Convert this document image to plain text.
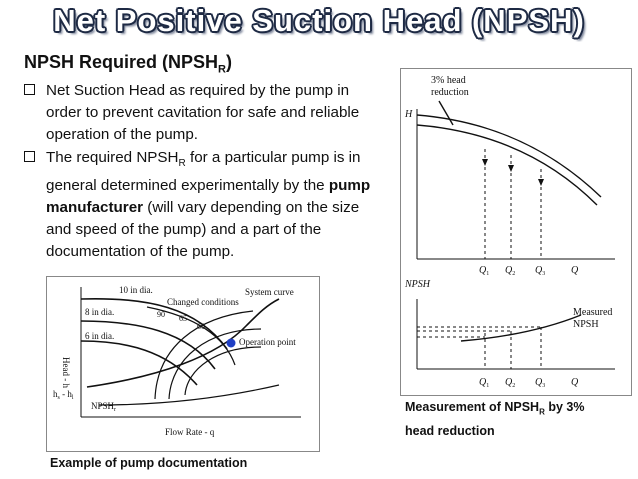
Net Positive Suction Head (NPSH)
NPSH Required $(NPSH_R)$
Net Suction Head as required by the pump in order to prevent cavitation for safe and reliable operation of the pump.
The required $NPSH_R$ for a particular pump is in general determined experimentally by the pump manufacturer (will vary depending on the size and speed of the pump) and a part of the documentation of the pump.
10 in dia.
8 in dia.
6 in dia.
Changed conditions
System curve
Operation point
90 65
60
$NPSH_r$
$h_s - h_l$
Flow Rate - q
Head - h
Example of pump documentation
3% head
reduction
H
NPSH
Measured
NPSH
$Q_1$ $Q_2$ $Q_3$	Q
$Q_1$ $Q_2$ $Q_3$	Q
Measurement of $NPSH_R$ by 3%
head reduction
